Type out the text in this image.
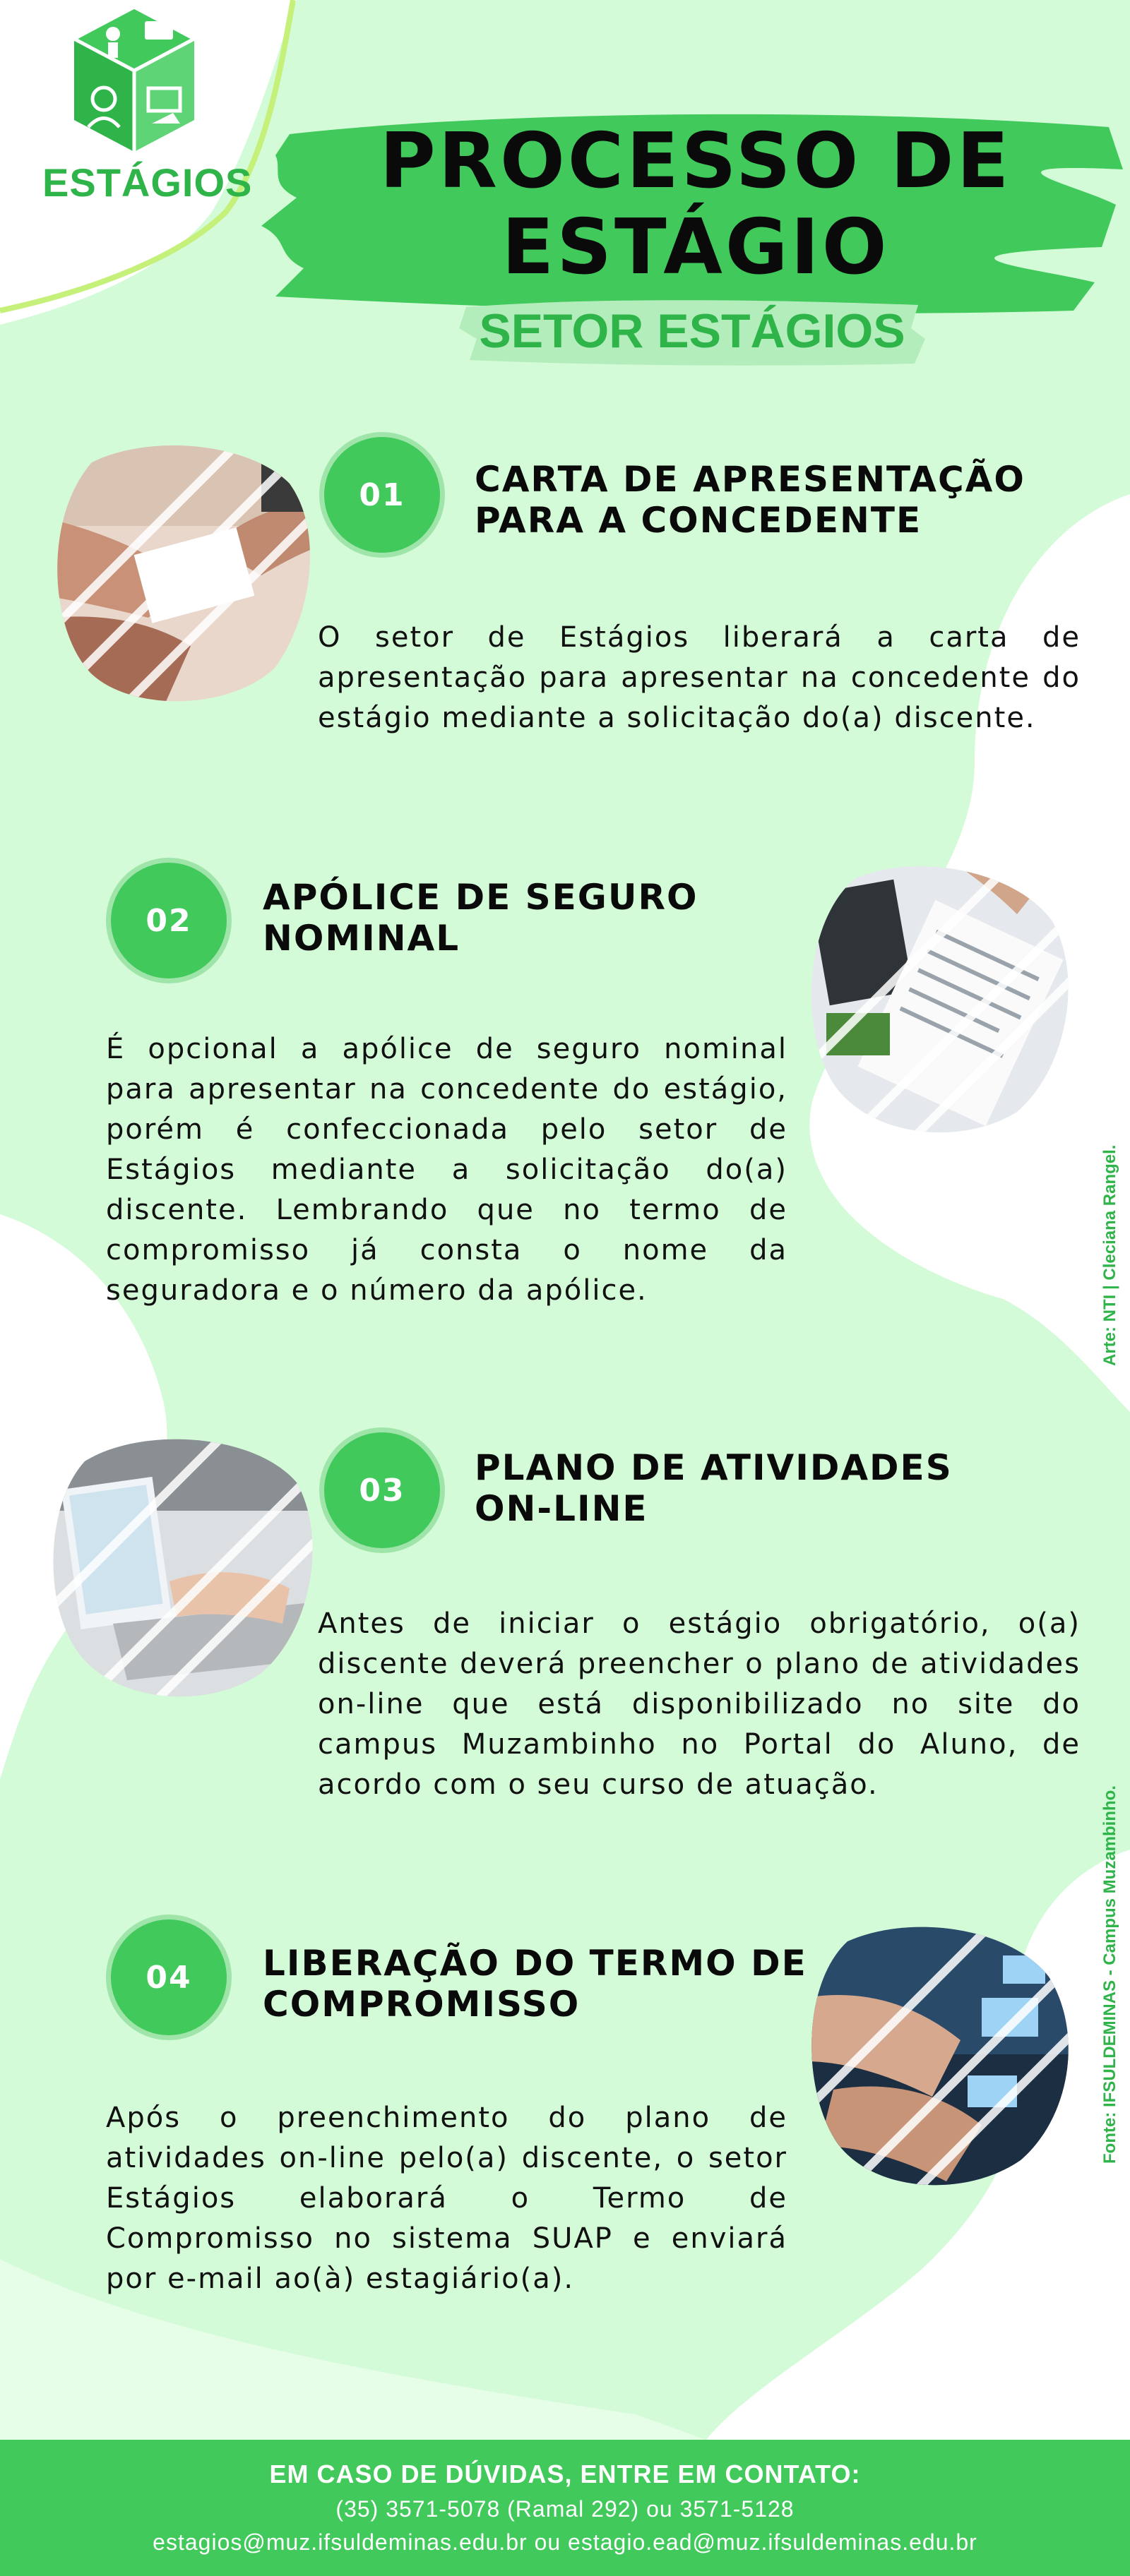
ESTÁGIOS	PROCESSO DE
ESTÁGIO
SETOR ESTÁGIOS
01	CARTA DE APRESENTAÇÃO
PARA A CONCEDENTE
O setor de Estágios liberará a carta de apresentação para apresentar na concedente do estágio mediante a solicitação do(a) discente.
02
APÓLICE DE SEGURO
NOMINAL
É opcional a apólice de seguro nominal para apresentar na concedente do estágio, porém é confeccionada pelo setor de Estágios mediante a solicitação do(a) discente. Lembrando que no termo de compromisso já consta o nome da seguradora e o número da apólice.
03
PLANO DE ATIVIDADES
ON-LINE
Antes de iniciar o estágio obrigatório, o(a) discente deverá preencher o plano de atividades on-line que está disponibilizado no site do campus Muzambinho no Portal do Aluno, de acordo com o seu curso de atuação.
04	LIBERAÇÃO DO TERMO DE
COMPROMISSO
Após o preenchimento do plano de atividades on-line pelo(a) discente, o setor Estágios elaborará o Termo de Compromisso no sistema SUAP e enviará por e-mail ao(à) estagiário(a).
Arte: NTI | Cleciana Rangel.
Fonte: IFSULDEMINAS - Campus Muzambinho.
EM CASO DE DÚVIDAS, ENTRE EM CONTATO:
(35) 3571-5078 (Ramal 292) ou 3571-5128
estagios@muz.ifsuldeminas.edu.br ou estagio.ead@muz.ifsuldeminas.edu.br
